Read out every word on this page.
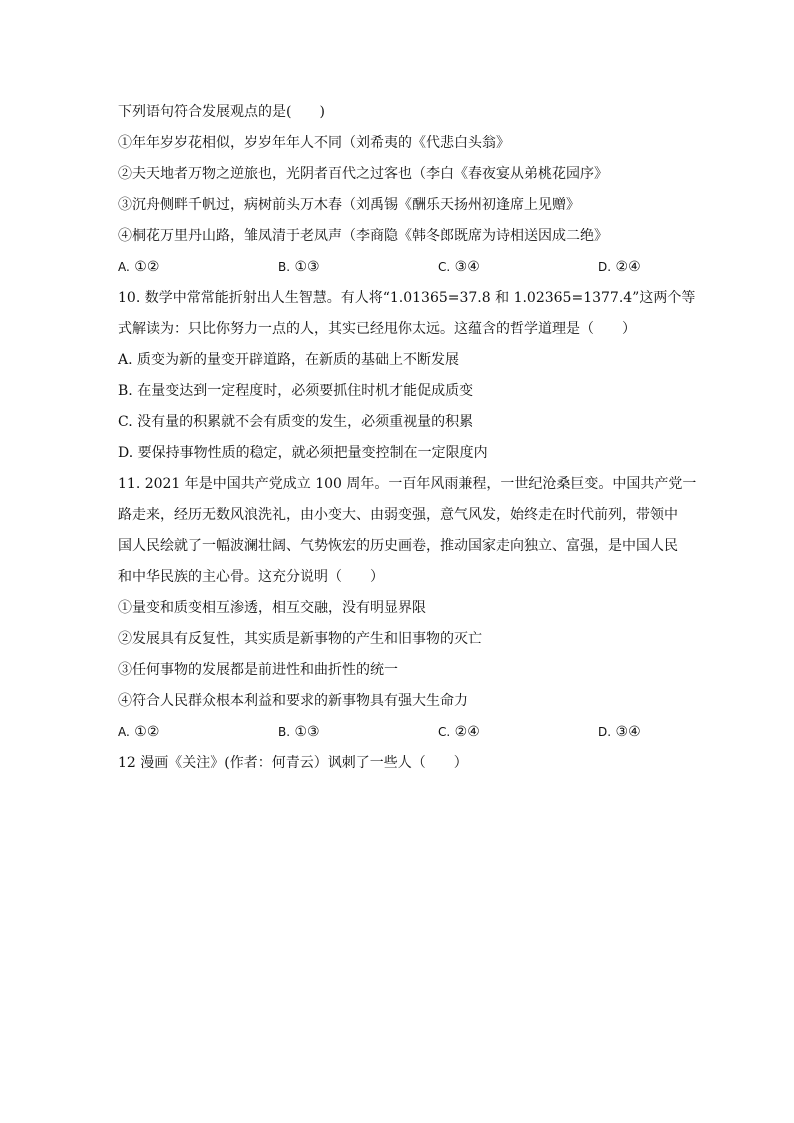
下列语句符合发展观点的是(　　)
①年年岁岁花相似，岁岁年年人不同（刘希夷的《代悲白头翁》
②夫天地者万物之逆旅也，光阴者百代之过客也（李白《春夜宴从弟桃花园序》
③沉舟侧畔千帆过，病树前头万木春（刘禹锡《酬乐天扬州初逢席上见赠》
④桐花万里丹山路，雏凤清于老凤声（李商隐《韩冬郎既席为诗相送因成二绝》
A. ①②	B. ①③	C. ③④	D. ②④
10. 数学中常常能折射出人生智慧。有人将“1.01365=37.8 和 1.02365=1377.4”这两个等
式解读为：只比你努力一点的人，其实已经甩你太远。这蕴含的哲学道理是（　　）
A. 质变为新的量变开辟道路，在新质的基础上不断发展
B. 在量变达到一定程度时，必须要抓住时机才能促成质变
C. 没有量的积累就不会有质变的发生，必须重视量的积累
D. 要保持事物性质的稳定，就必须把量变控制在一定限度内
11. 2021 年是中国共产党成立 100 周年。一百年风雨兼程，一世纪沧桑巨变。中国共产党一
路走来，经历无数风浪洗礼，由小变大、由弱变强，意气风发，始终走在时代前列，带领中
国人民绘就了一幅波澜壮阔、气势恢宏的历史画卷，推动国家走向独立、富强，是中国人民
和中华民族的主心骨。这充分说明（　　）
①量变和质变相互渗透，相互交融，没有明显界限
②发展具有反复性，其实质是新事物的产生和旧事物的灭亡
③任何事物的发展都是前进性和曲折性的统一
④符合人民群众根本利益和要求的新事物具有强大生命力
A. ①②	B. ①③	C. ②④	D. ③④
12 漫画《关注》(作者：何青云）讽刺了一些人（　　）
